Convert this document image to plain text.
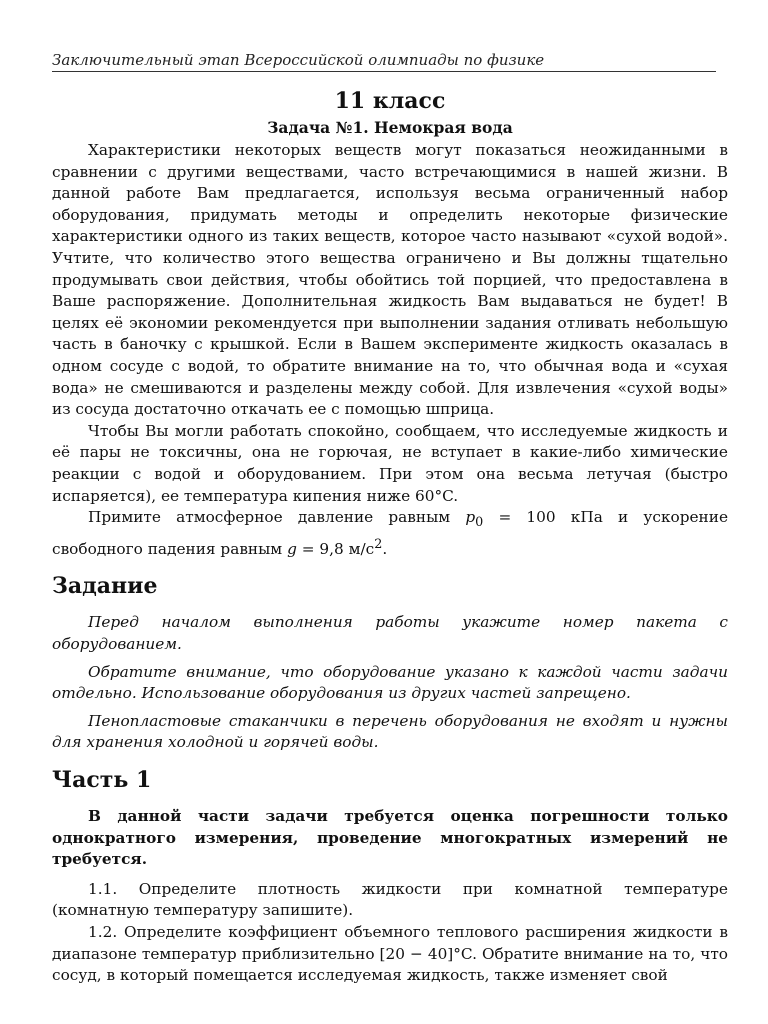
Заключительный этап Всероссийской олимпиады по физике
11 класс
Задача №1. Немокрая вода

Характеристики некоторых веществ могут показаться неожиданными в сравнении с другими веществами, часто встречающимися в нашей жизни. В данной работе Вам предлагается, используя весьма ограниченный набор оборудования, придумать методы и определить некоторые физические характеристики одного из таких веществ, которое часто называют «сухой водой». Учтите, что количество этого вещества ограничено и Вы должны тщательно продумывать свои действия, чтобы обойтись той порцией, что предоставлена в Ваше распоряжение. Дополнительная жидкость Вам выдаваться не будет! В целях её экономии рекомендуется при выполнении задания отливать небольшую часть в баночку с крышкой. Если в Вашем эксперименте жидкость оказалась в одном сосуде с водой, то обратите внимание на то, что обычная вода и «сухая вода» не смешиваются и разделены между собой. Для извлечения «сухой воды» из сосуда достаточно откачать ее с помощью шприца.

Чтобы Вы могли работать спокойно, сообщаем, что исследуемые жидкость и её пары не токсичны, она не горючая, не вступает в какие-либо химические реакции с водой и оборудованием. При этом она весьма летучая (быстро испаряется), ее температура кипения ниже 60°C.

Примите атмосферное давление равным $p_0 = 100$ кПа и ускорение свободного падения равным g = 9,8 $м/с^2$.

Задание

Перед началом выполнения работы укажите номер пакета с оборудованием.

Обратите внимание, что оборудование указано к каждой части задачи отдельно. Использование оборудования из других частей запрещено.

Пенопластовые стаканчики в перечень оборудования не входят и нужны для хранения холодной и горячей воды.

Часть 1

В данной части задачи требуется оценка погрешности только однократного измерения, проведение многократных измерений не требуется.

1.1. Определите плотность жидкости при комнатной температуре (комнатную температуру запишите).

1.2. Определите коэффициент объемного теплового расширения жидкости в диапазоне температур приблизительно [20 − 40]°C. Обратите внимание на то, что сосуд, в который помещается исследуемая жидкость, также изменяет свой
